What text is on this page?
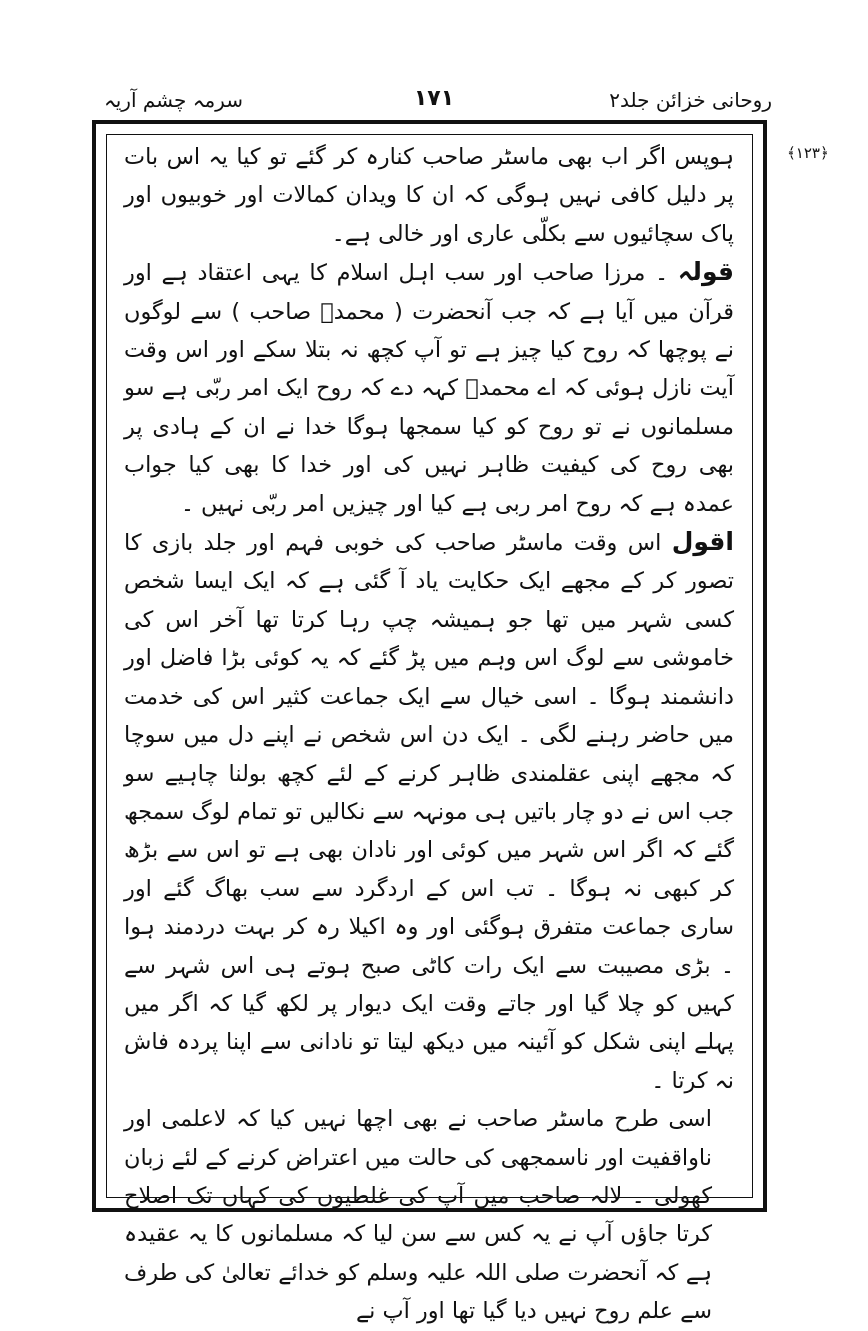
روحانی خزائن جلد۲
۱۷۱
سرمہ چشم آریہ
﴿۱۲۳﴾

ہوپس اگر اب بھی ماسٹر صاحب کنارہ کر گئے تو کیا یہ اس بات پر دلیل کافی نہیں ہوگی کہ ان کا ویدان کمالات اور خوبیوں اور پاک سچائیوں سے بکلّی عاری اور خالی ہے۔

قولہ ۔ مرزا صاحب اور سب اہل اسلام کا یہی اعتقاد ہے اور قرآن میں آیا ہے کہ جب آنحضرت ( محمدؐ صاحب ) سے لوگوں نے پوچھا کہ روح کیا چیز ہے تو آپ کچھ نہ بتلا سکے اور اس وقت آیت نازل ہوئی کہ اے محمدؐ کہہ دے کہ روح ایک امر ربّی ہے سو مسلمانوں نے تو روح کو کیا سمجھا ہوگا خدا نے ان کے ہادی پر بھی روح کی کیفیت ظاہر نہیں کی اور خدا کا بھی کیا جواب عمدہ ہے کہ روح امر ربی ہے کیا اور چیزیں امر ربّی نہیں ۔

اقول اس وقت ماسٹر صاحب کی خوبی فہم اور جلد بازی کا تصور کر کے مجھے ایک حکایت یاد آ گئی ہے کہ ایک ایسا شخص کسی شہر میں تھا جو ہمیشہ چپ رہا کرتا تھا آخر اس کی خاموشی سے لوگ اس وہم میں پڑ گئے کہ یہ کوئی بڑا فاضل اور دانشمند ہوگا ۔ اسی خیال سے ایک جماعت کثیر اس کی خدمت میں حاضر رہنے لگی ۔ ایک دن اس شخص نے اپنے دل میں سوچا کہ مجھے اپنی عقلمندی ظاہر کرنے کے لئے کچھ بولنا چاہیے سو جب اس نے دو چار باتیں ہی مونہہ سے نکالیں تو تمام لوگ سمجھ گئے کہ اگر اس شہر میں کوئی اور نادان بھی ہے تو اس سے بڑھ کر کبھی نہ ہوگا ۔ تب اس کے اردگرد سے سب بھاگ گئے اور ساری جماعت متفرق ہوگئی اور وہ اکیلا رہ کر بہت دردمند ہوا ۔ بڑی مصیبت سے ایک رات کاٹی صبح ہوتے ہی اس شہر سے کہیں کو چلا گیا اور جاتے وقت ایک دیوار پر لکھ گیا کہ اگر میں پہلے اپنی شکل کو آئینہ میں دیکھ لیتا تو نادانی سے اپنا پردہ فاش نہ کرتا ۔

اسی طرح ماسٹر صاحب نے بھی اچھا نہیں کیا کہ لاعلمی اور ناواقفیت اور ناسمجھی کی حالت میں اعتراض کرنے کے لئے زبان کھولی ۔ لالہ صاحب میں آپ کی غلطیوں کی کہاں تک اصلاح کرتا جاؤں آپ نے یہ کس سے سن لیا کہ مسلمانوں کا یہ عقیدہ ہے کہ آنحضرت صلی اللہ علیہ وسلم کو خدائے تعالیٰ کی طرف سے علم روح نہیں دیا گیا تھا اور آپ نے
